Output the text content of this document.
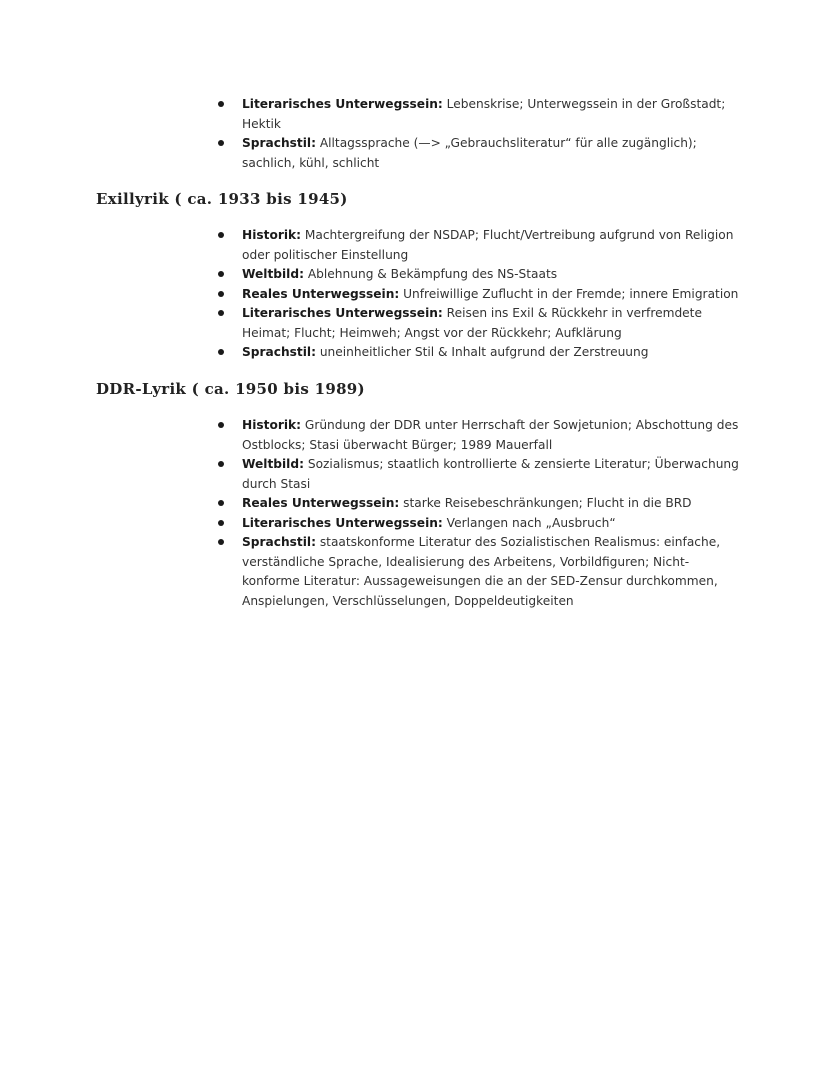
Literarisches Unterwegssein: Lebenskrise; Unterwegssein in der Großstadt; Hektik
Sprachstil: Alltagssprache (—> „Gebrauchsliteratur“ für alle zugänglich); sachlich, kühl, schlicht
Exillyrik ( ca. 1933 bis 1945)
Historik: Machtergreifung der NSDAP; Flucht/Vertreibung aufgrund von Religion oder politischer Einstellung
Weltbild: Ablehnung & Bekämpfung des NS-Staats
Reales Unterwegssein: Unfreiwillige Zuflucht in der Fremde; innere Emigration
Literarisches Unterwegssein: Reisen ins Exil & Rückkehr in verfremdete Heimat; Flucht; Heimweh; Angst vor der Rückkehr; Aufklärung
Sprachstil: uneinheitlicher Stil & Inhalt aufgrund der Zerstreuung
DDR-Lyrik ( ca. 1950 bis 1989)
Historik: Gründung der DDR unter Herrschaft der Sowjetunion; Abschottung des Ostblocks; Stasi überwacht Bürger; 1989 Mauerfall
Weltbild: Sozialismus; staatlich kontrollierte & zensierte Literatur; Überwachung durch Stasi
Reales Unterwegssein: starke Reisebeschränkungen; Flucht in die BRD
Literarisches Unterwegssein: Verlangen nach „Ausbruch“
Sprachstil: staatskonforme Literatur des Sozialistischen Realismus: einfache, verständliche Sprache, Idealisierung des Arbeitens, Vorbildfiguren; Nicht-konforme Literatur: Aussageweisungen die an der SED-Zensur durchkommen, Anspielungen, Verschlüsselungen, Doppeldeutigkeiten
